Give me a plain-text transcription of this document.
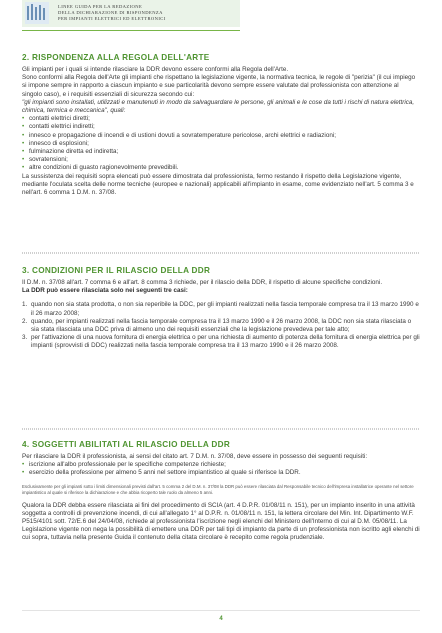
LINEE GUIDA PER LA REDAZIONE
DELLA DICHIARAZIONE DI RISPONDENZA
PER IMPIANTI ELETTRICI ED ELETTRONICI
2. RISPONDENZA ALLA REGOLA DELL'ARTE

Gli impianti per i quali si intende rilasciare la DDR devono essere conformi alla Regola dell'Arte.

Sono conformi alla Regola dell'Arte gli impianti che rispettano la legislazione vigente, la normativa tecnica, le regole di "perizia" (il cui impiego si impone sempre in rapporto a ciascun impianto e sue particolarità devono sempre essere valutate dal professionista con attenzione al singolo caso), e i requisiti essenziali di sicurezza secondo cui:

"gli impianti sono installati, utilizzati e manutenuti in modo da salvaguardare le persone, gli animali e le cose da tutti i rischi di natura elettrica, chimica, termica e meccanica", quali:

• contatti elettrici diretti;
• contatti elettrici indiretti;
• innesco e propagazione di incendi e di ustioni dovuti a sovratemperature pericolose, archi elettrici e radiazioni;
• innesco di esplosioni;
• fulminazione diretta ed indiretta;
• sovratensioni;
• altre condizioni di guasto ragionevolmente prevedibili.

La sussistenza dei requisiti sopra elencati può essere dimostrata dal professionista, fermo restando il rispetto della Legislazione vigente, mediante l'oculata scelta delle norme tecniche (europee e nazionali) applicabili all'impianto in esame, come evidenziato nell'art. 5 comma 3 e nell'art. 6 comma 1 D.M. n. 37/08.

3. CONDIZIONI PER IL RILASCIO DELLA DDR

Il D.M. n. 37/08 all'art. 7 comma 6 e all'art. 8 comma 3 richiede, per il rilascio della DDR, il rispetto di alcune specifiche condizioni.

La DDR può essere rilasciata solo nei seguenti tre casi:

1. quando non sia stata prodotta, o non sia reperibile la DDC, per gli impianti realizzati nella fascia temporale compresa tra il 13 marzo 1990 e il 26 marzo 2008;
2. quando, per impianti realizzati nella fascia temporale compresa tra il 13 marzo 1990 e il 26 marzo 2008, la DDC non sia stata rilasciata o sia stata rilasciata una DDC priva di almeno uno dei requisiti essenziali che la legislazione prevedeva per tale atto;
3. per l'attivazione di una nuova fornitura di energia elettrica o per una richiesta di aumento di potenza della fornitura di energia elettrica per gli impianti (sprovvisti di DDC) realizzati nella fascia temporale compresa tra il 13 marzo 1990 e il 26 marzo 2008.
4. SOGGETTI ABILITATI AL RILASCIO DELLA DDR

Per rilasciare la DDR il professionista, ai sensi del citato art. 7 D.M. n. 37/08, deve essere in possesso dei seguenti requisiti:

• iscrizione all'albo professionale per le specifiche competenze richieste;
• esercizio della professione per almeno 5 anni nel settore impiantistico al quale si riferisce la DDR.

Esclusivamente per gli impianti sotto i limiti dimensionali previsti dall'art. 5 comma 2 del D.M. n. 37/08 la DDR può essere rilasciata dal Responsabile tecnico dell'impresa installatrice operante nel settore impiantistico al quale si riferisce la dichiarazione e che abbia ricoperto tale ruolo da almeno 5 anni.

Qualora la DDR debba essere rilasciata ai fini del procedimento di SCIA (art. 4 D.P.R. 01/08/11 n. 151), per un impianto inserito in una attività soggetta a controlli di prevenzione incendi, di cui all'allegato 1° al D.P.R. n. 01/08/11 n. 151, la lettera circolare del Min. Int. Dipartimento W.F. P515/4101 sott. 72/E.6 del 24/04/08, richiede al professionista l'iscrizione negli elenchi del Ministero dell'Interno di cui al D.M. 05/08/11. La Legislazione vigente non nega la possibilità di emettere una DDR per tali tipi di impianto da parte di un professionista non iscritto agli elenchi di cui sopra, tuttavia nella presente Guida il contenuto della citata circolare è recepito come regola prudenziale.

4
